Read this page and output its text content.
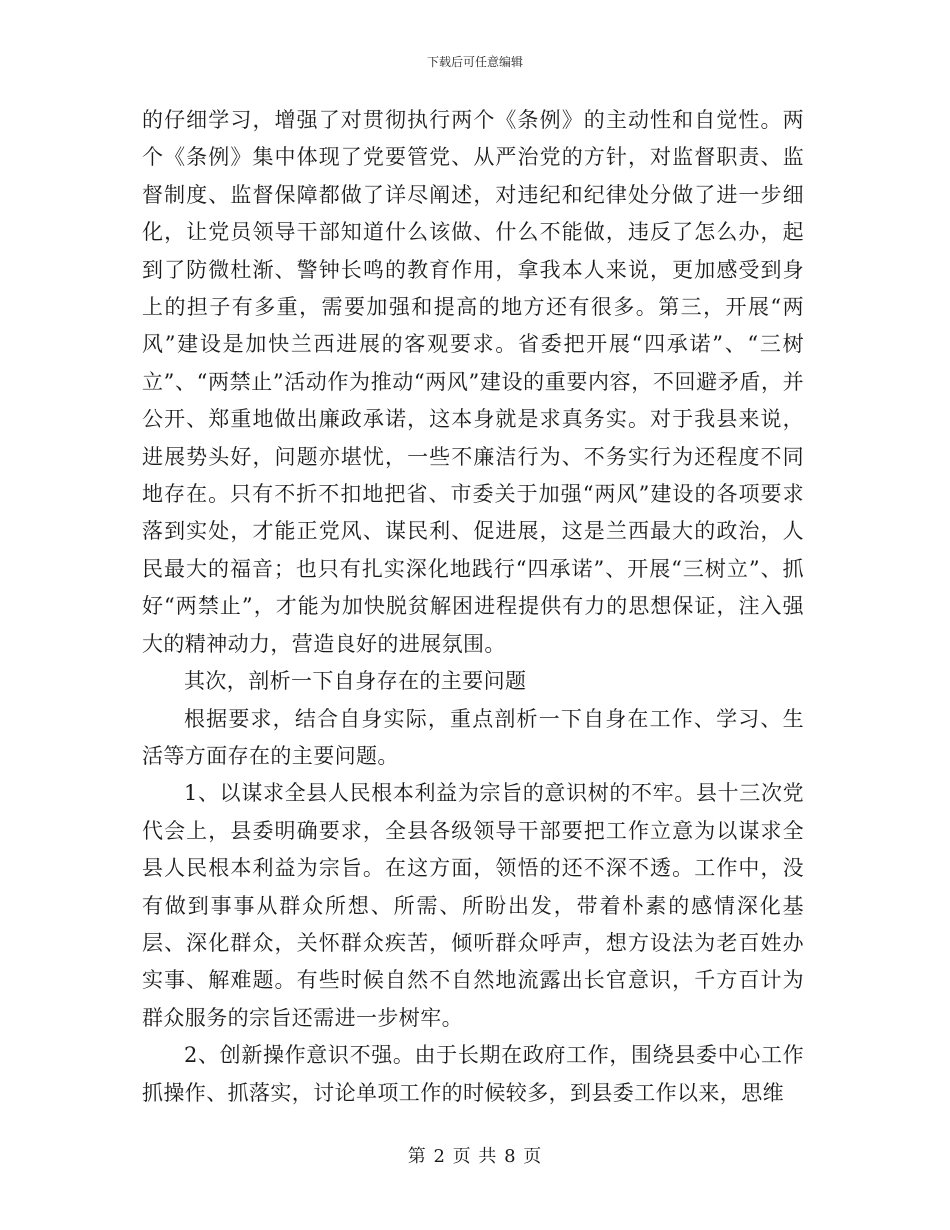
下载后可任意编辑

的仔细学习，增强了对贯彻执行两个《条例》的主动性和自觉性。两个《条例》集中体现了党要管党、从严治党的方针，对监督职责、监督制度、监督保障都做了详尽阐述，对违纪和纪律处分做了进一步细化，让党员领导干部知道什么该做、什么不能做，违反了怎么办，起到了防微杜渐、警钟长鸣的教育作用，拿我本人来说，更加感受到身上的担子有多重，需要加强和提高的地方还有很多。第三，开展“两风”建设是加快兰西进展的客观要求。省委把开展“四承诺”、“三树立”、“两禁止”活动作为推动“两风”建设的重要内容，不回避矛盾，并公开、郑重地做出廉政承诺，这本身就是求真务实。对于我县来说，进展势头好，问题亦堪忧，一些不廉洁行为、不务实行为还程度不同地存在。只有不折不扣地把省、市委关于加强“两风”建设的各项要求落到实处，才能正党风、谋民利、促进展，这是兰西最大的政治，人民最大的福音；也只有扎实深化地践行“四承诺”、开展“三树立”、抓好“两禁止”，才能为加快脱贫解困进程提供有力的思想保证，注入强大的精神动力，营造良好的进展氛围。

其次，剖析一下自身存在的主要问题

根据要求，结合自身实际，重点剖析一下自身在工作、学习、生活等方面存在的主要问题。

1、以谋求全县人民根本利益为宗旨的意识树的不牢。县十三次党代会上，县委明确要求，全县各级领导干部要把工作立意为以谋求全县人民根本利益为宗旨。在这方面，领悟的还不深不透。工作中，没有做到事事从群众所想、所需、所盼出发，带着朴素的感情深化基层、深化群众，关怀群众疾苦，倾听群众呼声，想方设法为老百姓办实事、解难题。有些时候自然不自然地流露出长官意识，千方百计为群众服务的宗旨还需进一步树牢。

2、创新操作意识不强。由于长期在政府工作，围绕县委中心工作抓操作、抓落实，讨论单项工作的时候较多，到县委工作以来，思维

第 2 页 共 8 页
